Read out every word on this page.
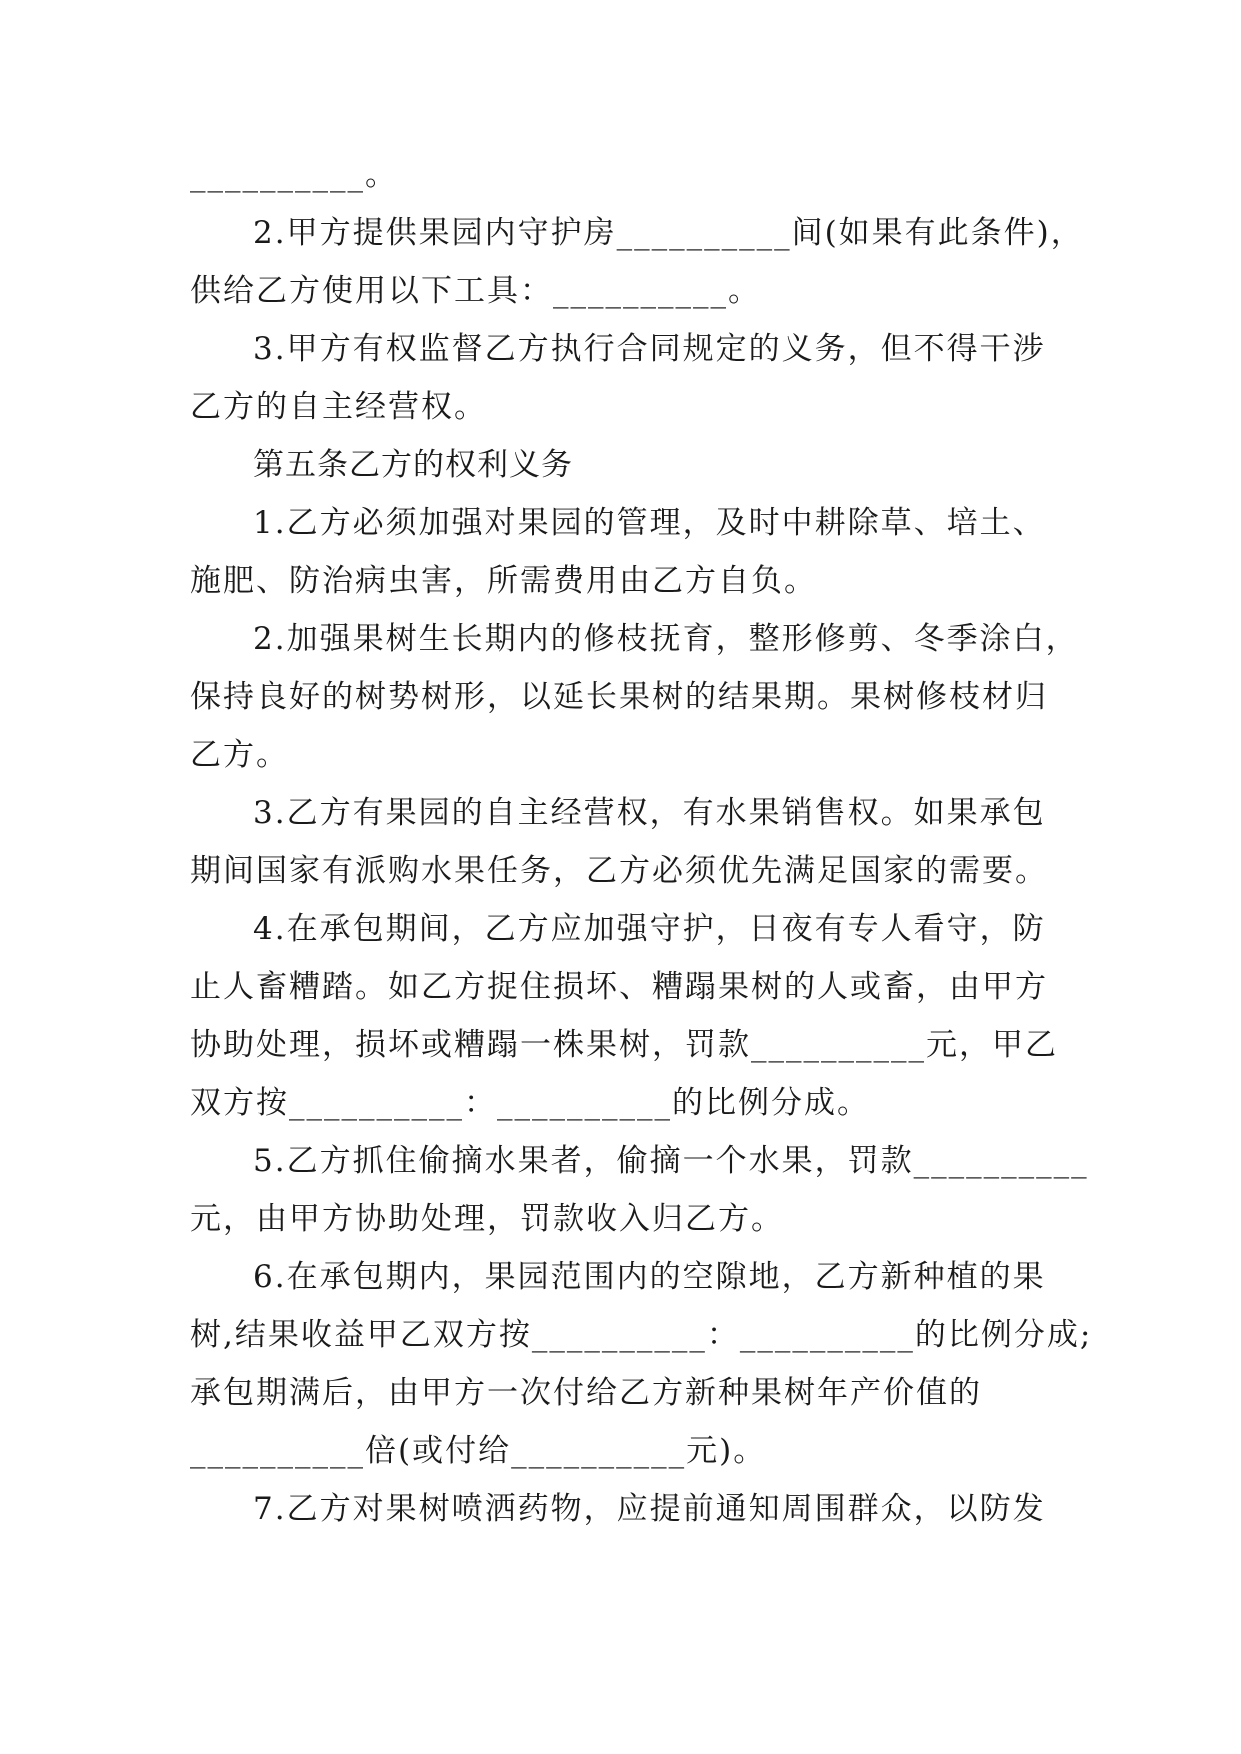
__________。
2.甲方提供果园内守护房__________间(如果有此条件)，
供给乙方使用以下工具：__________。
3.甲方有权监督乙方执行合同规定的义务，但不得干涉
乙方的自主经营权。
第五条乙方的权利义务
1.乙方必须加强对果园的管理，及时中耕除草、培土、
施肥、防治病虫害，所需费用由乙方自负。
2.加强果树生长期内的修枝抚育，整形修剪、冬季涂白，
保持良好的树势树形，以延长果树的结果期。果树修枝材归
乙方。
3.乙方有果园的自主经营权，有水果销售权。如果承包
期间国家有派购水果任务，乙方必须优先满足国家的需要。
4.在承包期间，乙方应加强守护，日夜有专人看守，防
止人畜糟踏。如乙方捉住损坏、糟蹋果树的人或畜，由甲方
协助处理，损坏或糟蹋一株果树，罚款__________元，甲乙
双方按__________：__________的比例分成。
5.乙方抓住偷摘水果者，偷摘一个水果，罚款__________
元，由甲方协助处理，罚款收入归乙方。
6.在承包期内，果园范围内的空隙地，乙方新种植的果
树,结果收益甲乙双方按__________：__________的比例分成;
承包期满后，由甲方一次付给乙方新种果树年产价值的
__________倍(或付给__________元)。
7.乙方对果树喷洒药物，应提前通知周围群众，以防发
